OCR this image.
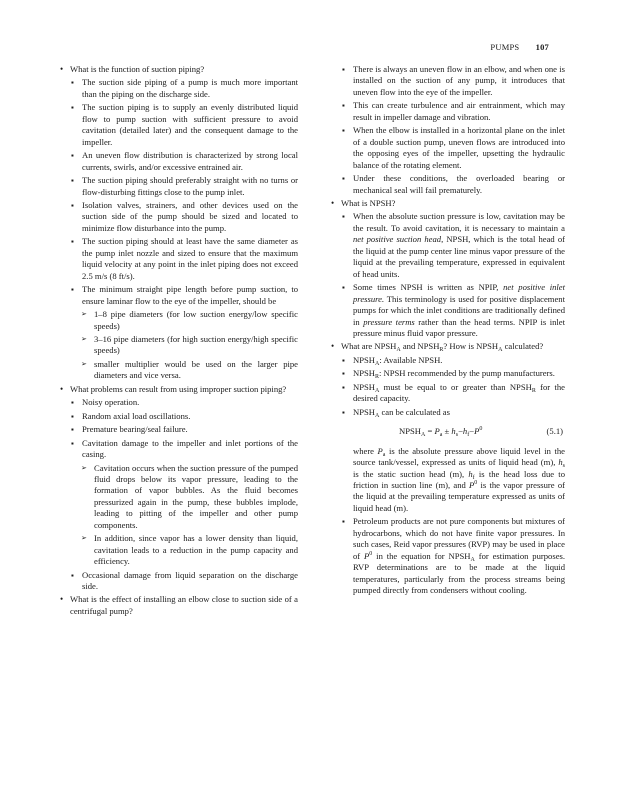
PUMPS 107
• What is the function of suction piping?
▪ The suction side piping of a pump is much more important than the piping on the discharge side.
▪ The suction piping is to supply an evenly distributed liquid flow to pump suction with sufficient pressure to avoid cavitation (detailed later) and the consequent damage to the impeller.
▪ An uneven flow distribution is characterized by strong local currents, swirls, and/or excessive entrained air.
▪ The suction piping should preferably straight with no turns or flow-disturbing fittings close to the pump inlet.
▪ Isolation valves, strainers, and other devices used on the suction side of the pump should be sized and located to minimize flow disturbance into the pump.
▪ The suction piping should at least have the same diameter as the pump inlet nozzle and sized to ensure that the maximum liquid velocity at any point in the inlet piping does not exceed 2.5 m/s (8 ft/s).
▪ The minimum straight pipe length before pump suction, to ensure laminar flow to the eye of the impeller, should be
➢ 1–8 pipe diameters (for low suction energy/low specific speeds)
➢ 3–16 pipe diameters (for high suction energy/high specific speeds)
➢ smaller multiplier would be used on the larger pipe diameters and vice versa.
• What problems can result from using improper suction piping?
▪ Noisy operation.
▪ Random axial load oscillations.
▪ Premature bearing/seal failure.
▪ Cavitation damage to the impeller and inlet portions of the casing.
➢ Cavitation occurs when the suction pressure of the pumped fluid drops below its vapor pressure, leading to the formation of vapor bubbles. As the fluid becomes pressurized again in the pump, these bubbles implode, leading to pitting of the impeller and other pump components.
➢ In addition, since vapor has a lower density than liquid, cavitation leads to a reduction in the pump capacity and efficiency.
▪ Occasional damage from liquid separation on the discharge side.
• What is the effect of installing an elbow close to suction side of a centrifugal pump?
▪ There is always an uneven flow in an elbow, and when one is installed on the suction of any pump, it introduces that uneven flow into the eye of the impeller.
▪ This can create turbulence and air entrainment, which may result in impeller damage and vibration.
▪ When the elbow is installed in a horizontal plane on the inlet of a double suction pump, uneven flows are introduced into the opposing eyes of the impeller, upsetting the hydraulic balance of the rotating element.
▪ Under these conditions, the overloaded bearing or mechanical seal will fail prematurely.
• What is NPSH?
▪ When the absolute suction pressure is low, cavitation may be the result. To avoid cavitation, it is necessary to maintain a net positive suction head, NPSH, which is the total head of the liquid at the pump center line minus vapor pressure of the liquid at the prevailing temperature, expressed in equivalent of head units.
▪ Some times NPSH is written as NPIP, net positive inlet pressure. This terminology is used for positive displacement pumps for which the inlet conditions are traditionally defined in pressure terms rather than the head terms. NPIP is inlet pressure minus fluid vapor pressure.
• What are $NPSH_A$ and $NPSH_R$? How is $NPSH_A$ calculated?
▪ $NPSH_A$: Available NPSH.
▪ $NPSH_R$: NPSH recommended by the pump manufacturers.
▪ $NPSH_A$ must be equal to or greater than $NPSH_R$ for the desired capacity.
▪ $NPSH_A$ can be calculated as
$NPSH_A = P_a \pm h_s-h_f-P^0$	(5.1)
where $P_a$ is the absolute pressure above liquid level in the source tank/vessel, expressed as units of liquid head (m), $h_s$ is the static suction head (m), $h_f$ is the head loss due to friction in suction line (m), and $P^0$ is the vapor pressure of the liquid at the prevailing temperature expressed as units of liquid head (m).
▪ Petroleum products are not pure components but mixtures of hydrocarbons, which do not have finite vapor pressures. In such cases, Reid vapor pressures (RVP) may be used in place of $P^0$ in the equation for $NPSH_A$ for estimation purposes. RVP determinations are to be made at the liquid temperatures, particularly from the process streams being pumped directly from condensers without cooling.
